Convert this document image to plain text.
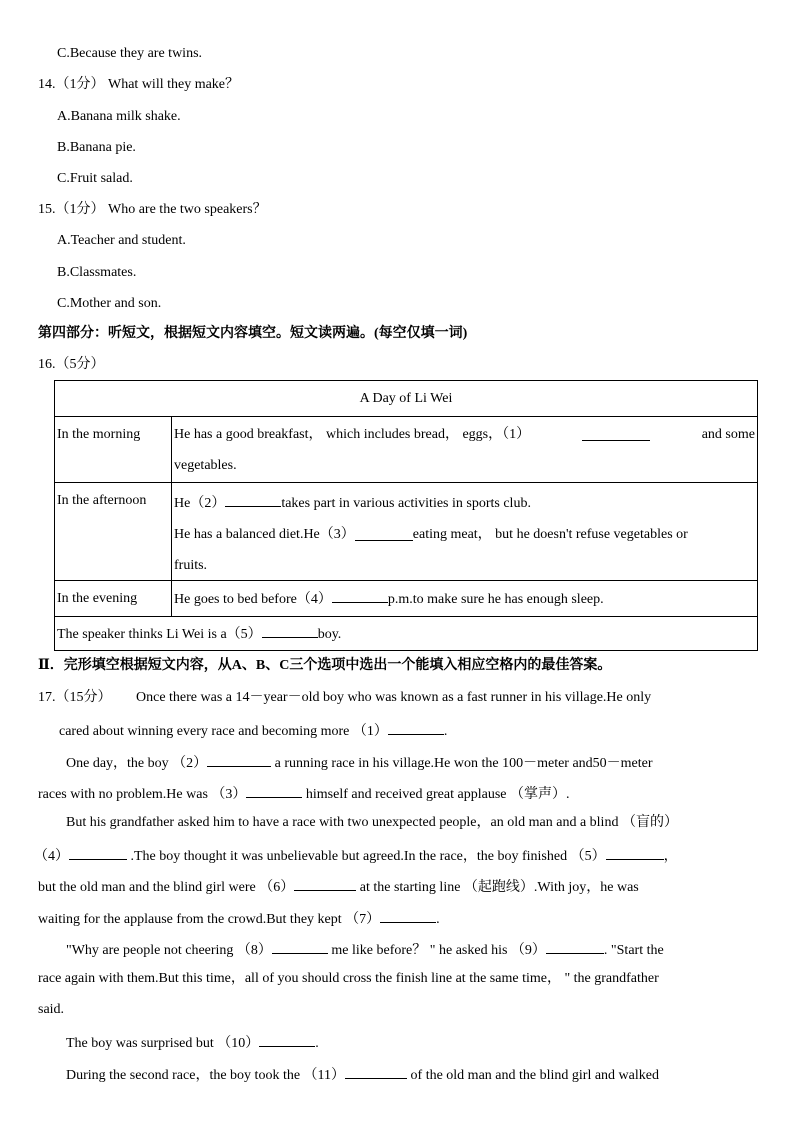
C.Because they are twins.
14.（1分） What will they make？
A.Banana milk shake.
B.Banana pie.
C.Fruit salad.
15.（1分） Who are the two speakers？
A.Teacher and student.
B.Classmates.
C.Mother and son.
第四部分：听短文，根据短文内容填空。短文读两遍。(每空仅填一词)
16.（5分）
A Day of Li Wei	
In the morning	He has a good breakfast， which includes bread， eggs，（1） and some
vegetables.

In the afternoon	He（2） takes part in various activities in sports club.
He has a balanced diet.He（3） eating meat， but he doesn't refuse vegetables or
fruits.

In the evening	He goes to bed before（4） p.m.to make sure he has enough sleep.
The speaker thinks Li Wei is a（5） boy.	
Ⅱ．完形填空根据短文内容，从A、B、C三个选项中选出一个能填入相应空格内的最佳答案。
17.（15分） Once there was a 14－year－old boy who was known as a fast runner in his village.He only
cared about winning every race and becoming more （1）	.
One day，the boy （2）	a running race in his village.He won the 100－meter and50－meter
races with no problem.He was （3）	himself and received great applause （掌声）.
But his grandfather asked him to have a race with two unexpected people，an old man and a blind （盲的）
（4）	.The boy thought it was unbelievable but agreed.In the race，the boy finished （5）	，
but the old man and the blind girl were （6）	at the starting line （起跑线）.With joy，he was
waiting for the applause from the crowd.But they kept （7）	.
"Why are people not cheering （8）	me like before？ " he asked his （9）	. "Start the
race again with them.But this time，all of you should cross the finish line at the same time， " the grandfather
said.
The boy was surprised but （10）	.
During the second race，the boy took the （11）	of the old man and the blind girl and walked
